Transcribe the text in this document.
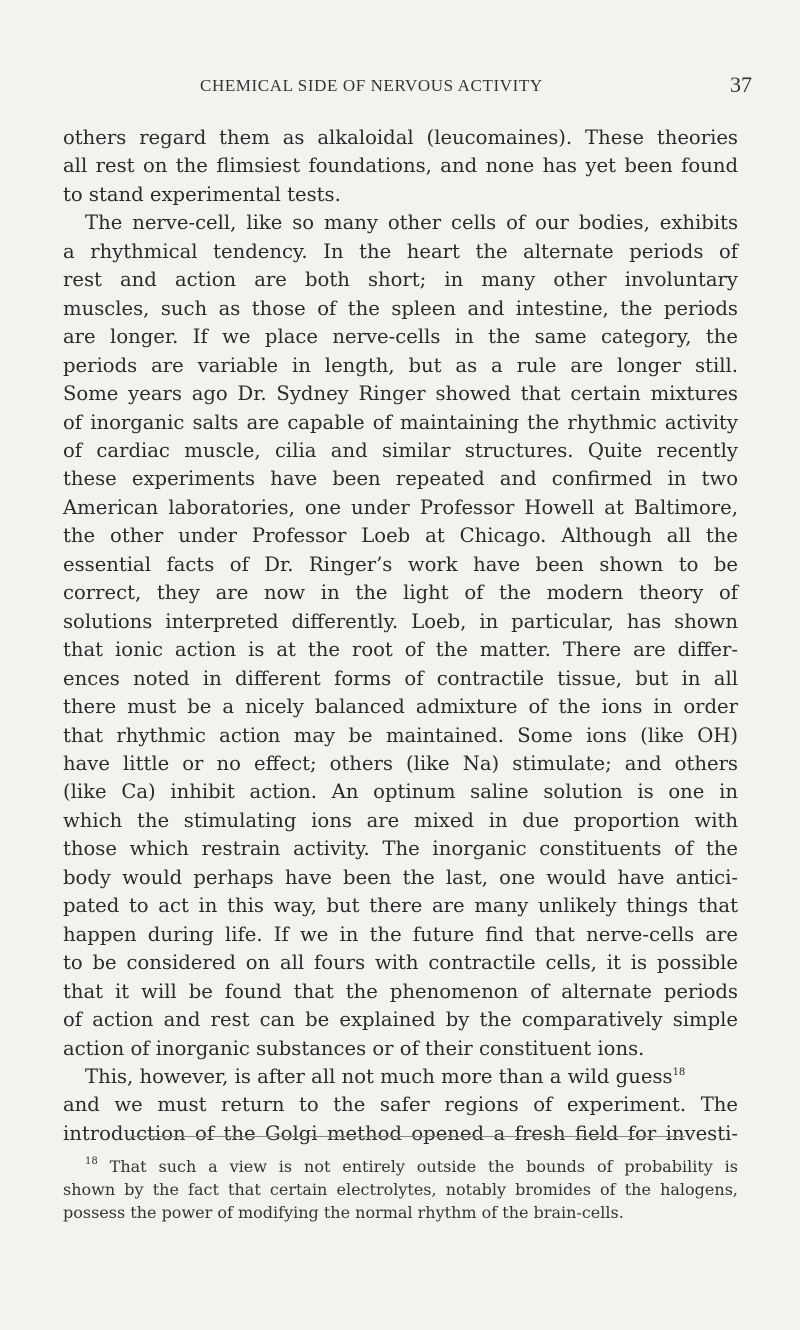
CHEMICAL SIDE OF NERVOUS ACTIVITY	37
others regard them as alkaloidal (leucomaines). These theories
all rest on the flimsiest foundations, and none has yet been found
to stand experimental tests.
The nerve-cell, like so many other cells of our bodies, exhibits
a rhythmical tendency. In the heart the alternate periods of
rest and action are both short; in many other involuntary
muscles, such as those of the spleen and intestine, the periods
are longer. If we place nerve-cells in the same category, the
periods are variable in length, but as a rule are longer still.
Some years ago Dr. Sydney Ringer showed that certain mixtures
of inorganic salts are capable of maintaining the rhythmic activity
of cardiac muscle, cilia and similar structures. Quite recently
these experiments have been repeated and confirmed in two
American laboratories, one under Professor Howell at Baltimore,
the other under Professor Loeb at Chicago. Although all the
essential facts of Dr. Ringer’s work have been shown to be
correct, they are now in the light of the modern theory of
solutions interpreted differently. Loeb, in particular, has shown
that ionic action is at the root of the matter. There are differ-
ences noted in different forms of contractile tissue, but in all
there must be a nicely balanced admixture of the ions in order
that rhythmic action may be maintained. Some ions (like OH)
have little or no effect; others (like Na) stimulate; and others
(like Ca) inhibit action. An optinum saline solution is one in
which the stimulating ions are mixed in due proportion with
those which restrain activity. The inorganic constituents of the
body would perhaps have been the last, one would have antici-
pated to act in this way, but there are many unlikely things that
happen during life. If we in the future find that nerve-cells are
to be considered on all fours with contractile cells, it is possible
that it will be found that the phenomenon of alternate periods
of action and rest can be explained by the comparatively simple
action of inorganic substances or of their constituent ions.
This, however, is after all not much more than a wild guess$^{18}$
and we must return to the safer regions of experiment. The
introduction of the Golgi method opened a fresh field for investi-
$^{18}$ That such a view is not entirely outside the bounds of probability is
shown by the fact that certain electrolytes, notably bromides of the halogens,
possess the power of modifying the normal rhythm of the brain-cells.
